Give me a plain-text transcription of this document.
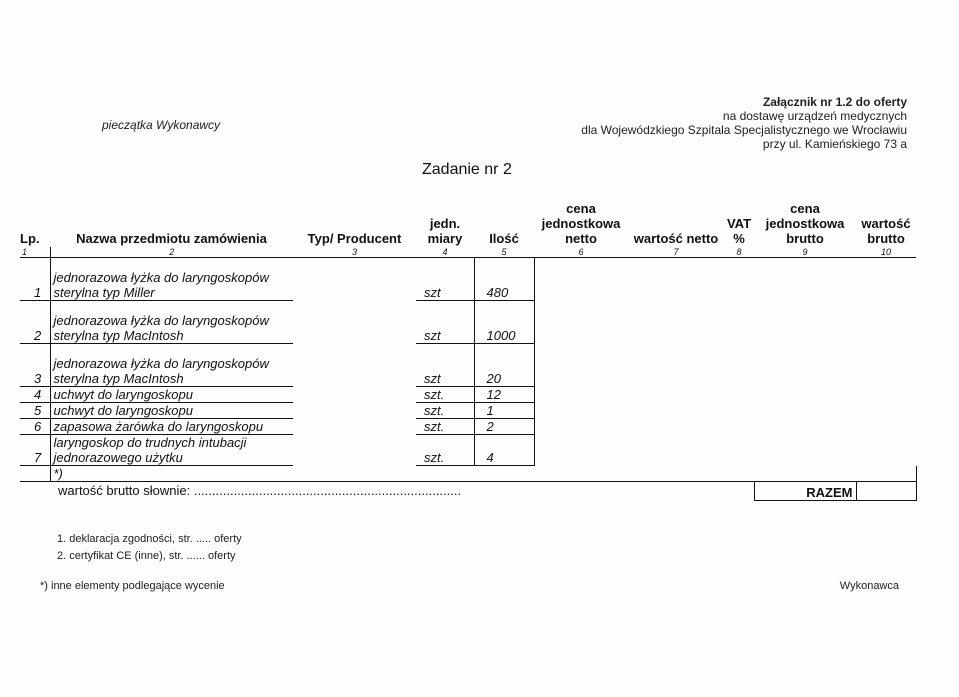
pieczątka Wykonawcy
Załącznik nr 1.2 do oferty
na dostawę urządzeń medycznych
dla Wojewódzkiego Szpitala Specjalistycznego we Wrocławiu
przy ul. Kamieńskiego 73 a
Zadanie nr 2
Lp.	Nazwa przedmiotu zamówienia	Typ/ Producent	jedn. miary	Ilość	cena jednostkowa netto	wartość netto	VAT %	cena jednostkowa brutto	wartość brutto
1	2	3	4	5	6	7	8	9	10
1	jednorazowa łyżka do laryngoskopów sterylna typ Miller		szt	480					
2	jednorazowa łyżka do laryngoskopów sterylna typ MacIntosh		szt	1000					
3	jednorazowa łyżka do laryngoskopów sterylna typ MacIntosh		szt	20					
4	uchwyt do laryngoskopu		szt.	12					
5	uchwyt do laryngoskopu		szt.	1					
6	zapasowa żarówka do laryngoskopu		szt.	2					
7	laryngoskop do trudnych intubacji jednorazowego użytku		szt.	4					
	*)								
								RAZEM	
wartość brutto słownie: ..........................................................................
1. deklaracja zgodności, str. ..... oferty
2. certyfikat CE (inne), str. ...... oferty
*) inne elementy podlegające wycenie	Wykonawca
